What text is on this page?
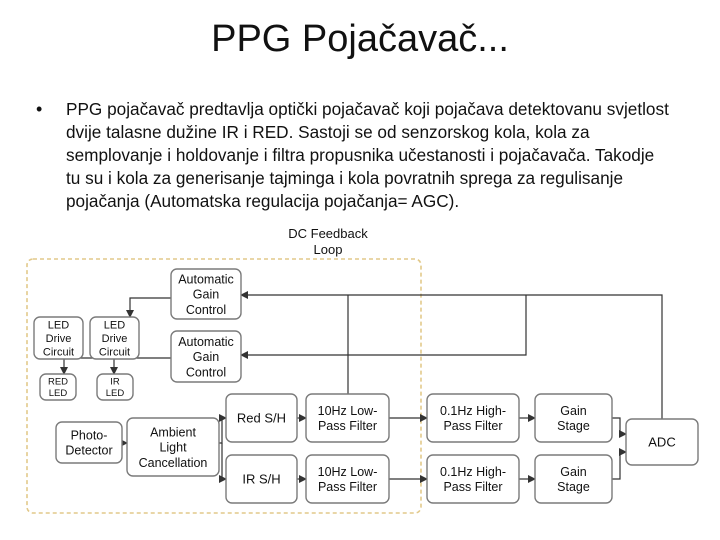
PPG Pojačavač...
•	PPG pojačavač predtavlja optički pojačavač koji pojačava detektovanu svjetlost dvije talasne dužine IR i RED. Sastoji se od senzorskog kola, kola za semplovanje i holdovanje i filtra propusnika učestanosti i pojačavača. Takodje tu su i kola za generisanje tajminga i kola povratnih sprega za regulisanje pojačanja (Automatska regulacija pojačanja= AGC).
DC Feedback
Loop
Automatic
Gain
Control
Automatic
Gain
Control
LED
Drive
Circuit
LED
Drive
Circuit
RED
LED
IR
LED
Photo-
Detector
Ambient
Light
Cancellation
Red S/H
IR S/H
10Hz Low-
Pass Filter
10Hz Low-
Pass Filter
0.1Hz High-
Pass Filter
0.1Hz High-
Pass Filter
Gain
Stage
Gain
Stage
ADC
